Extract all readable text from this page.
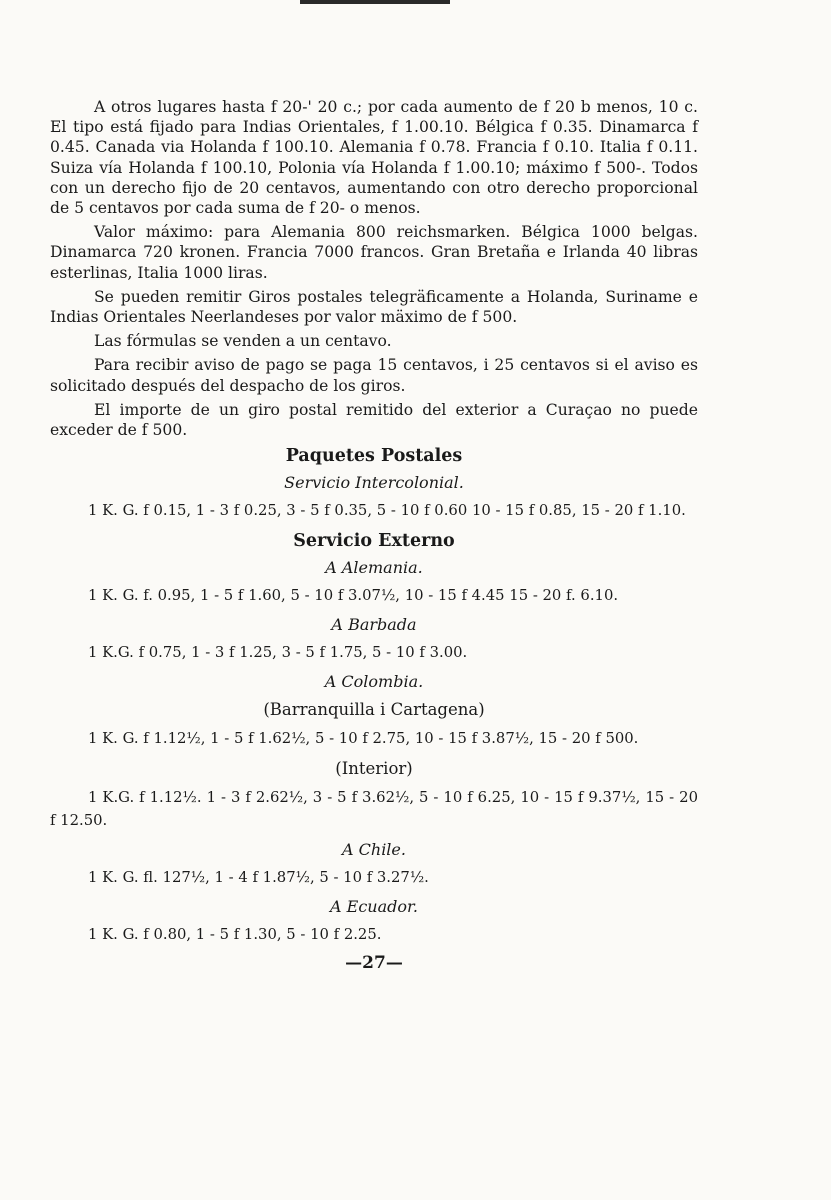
A otros lugares hasta f 20-' 20 c.; por cada aumento de f 20 b menos, 10 c. El tipo está fijado para Indias Orientales, f 1.00.10. Bélgica f 0.35. Dinamarca f 0.45. Canada via Holanda f 100.10. Alemania f 0.78. Francia f 0.10. Italia f 0.11. Suiza vía Holanda f 100.10, Polonia vía Holanda f 1.00.10; máximo f 500-. Todos con un derecho fijo de 20 centavos, aumentando con otro derecho proporcional de 5 centavos por cada suma de f 20- o menos.

Valor máximo: para Alemania 800 reichsmarken. Bélgica 1000 belgas. Dinamarca 720 kronen. Francia 7000 francos. Gran Bretaña e Irlanda 40 libras esterlinas, Italia 1000 liras.

Se pueden remitir Giros postales telegräficamente a Holanda, Suriname e Indias Orientales Neerlandeses por valor mäximo de f 500.

Las fórmulas se venden a un centavo.

Para recibir aviso de pago se paga 15 centavos, i 25 centavos si el aviso es solicitado después del despacho de los giros.

El importe de un giro postal remitido del exterior a Curaçao no puede exceder de f 500.

Paquetes Postales
Servicio Intercolonial.

1 K. G. f 0.15, 1 - 3 f 0.25, 3 - 5 f 0.35, 5 - 10 f 0.60 10 - 15 f 0.85, 15 - 20 f 1.10.

Servicio Externo
A Alemania.

1 K. G. f. 0.95, 1 - 5 f 1.60, 5 - 10 f 3.07½, 10 - 15 f 4.45 15 - 20 f. 6.10.

A Barbada

1 K.G. f 0.75, 1 - 3 f 1.25, 3 - 5 f 1.75, 5 - 10 f 3.00.

A Colombia.
(Barranquilla i Cartagena)

1 K. G. f 1.12½, 1 - 5 f 1.62½, 5 - 10 f 2.75, 10 - 15 f 3.87½, 15 - 20 f 500.

(Interior)

1 K.G. f 1.12½. 1 - 3 f 2.62½, 3 - 5 f 3.62½, 5 - 10 f 6.25, 10 - 15 f 9.37½, 15 - 20 f 12.50.

A Chile.

1 K. G. fl. 127½, 1 - 4 f 1.87½, 5 - 10 f 3.27½.

A Ecuador.

1 K. G. f 0.80, 1 - 5 f 1.30, 5 - 10 f 2.25.

—27—
